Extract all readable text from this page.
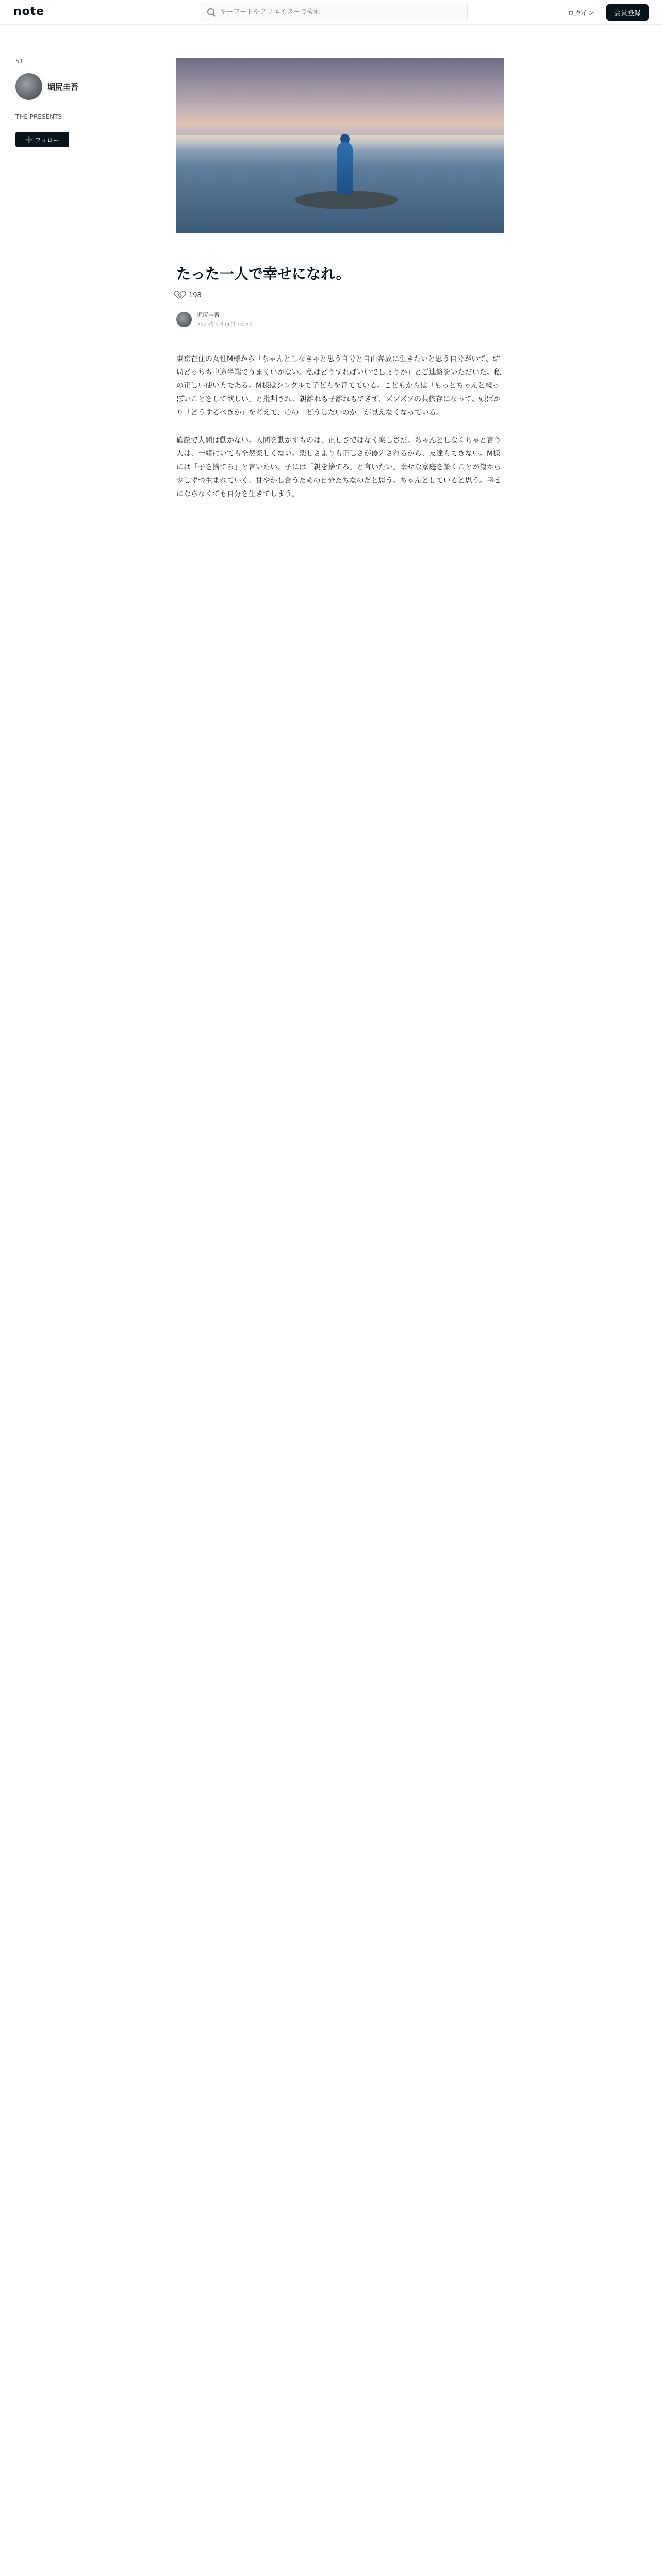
note
キーワードやクリエイターで検索	ログイン	会員登録
51
堀尻圭吾
THE PRESENTS
➕ フォロー
たった一人で幸せになれ。
198
堀尻圭吾
2023年5月11日 10:23

東京在住の女性M様から「ちゃんとしなきゃと思う自分と自由奔放に生きたいと思う自分がいて、結局どっちも中途半端でうまくいかない。私はどうすればいいでしょうか」とご連絡をいただいた。私の正しい使い方である。M様はシングルで子どもを育てている。こどもからは「もっとちゃんと親っぽいことをして欲しい」と批判され、親離れも子離れもできず、ズブズブの共依存になって、頭ばかり「どうするべきか」を考えて、心の「どうしたいのか」が見えなくなっている。

確認で人間は動かない。人間を動かすものは、正しさではなく楽しさだ。ちゃんとしなくちゃと言う人は、一緒にいても全然楽しくない。楽しさよりも正しさが優先されるから、友達もできない。M様には「子を捨てろ」と言いたい。子には「親を捨てろ」と言いたい。幸せな家庭を築くことが傷から少しずつ生まれていく、甘やかし合うための自分たちなのだと思う。ちゃんとしていると思う。幸せにならなくても自分を生きてしまう。
